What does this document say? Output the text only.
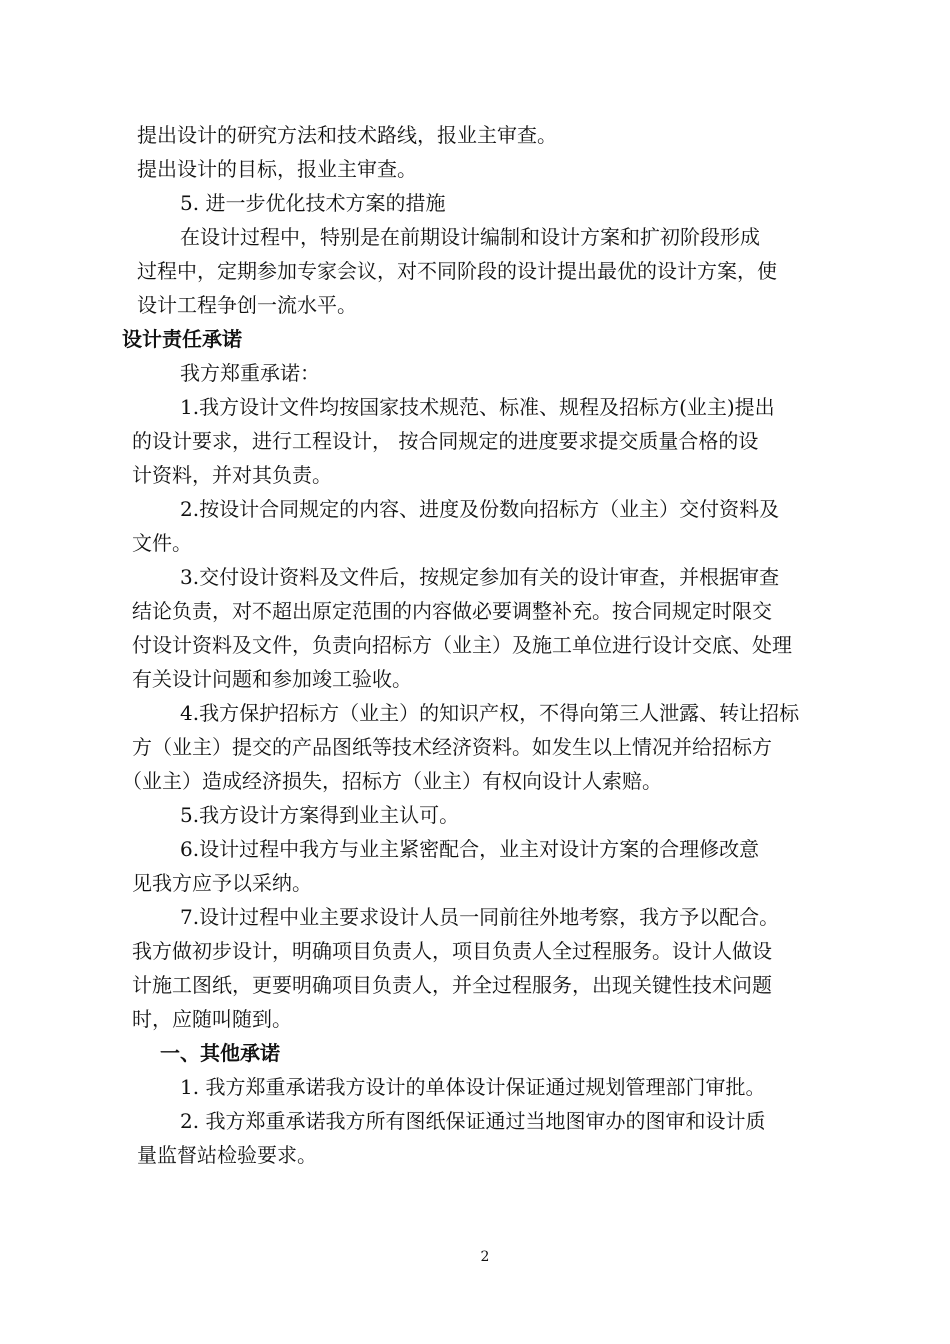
提出设计的研究方法和技术路线，报业主审查。
提出设计的目标，报业主审查。
5. 进一步优化技术方案的措施
在设计过程中，特别是在前期设计编制和设计方案和扩初阶段形成
过程中，定期参加专家会议，对不同阶段的设计提出最优的设计方案，使
设计工程争创一流水平。
设计责任承诺
我方郑重承诺：
1.我方设计文件均按国家技术规范、标准、规程及招标方(业主)提出
的设计要求，进行工程设计， 按合同规定的进度要求提交质量合格的设
计资料，并对其负责。
2.按设计合同规定的内容、进度及份数向招标方（业主）交付资料及
文件。
3.交付设计资料及文件后，按规定参加有关的设计审查，并根据审查
结论负责，对不超出原定范围的内容做必要调整补充。按合同规定时限交
付设计资料及文件，负责向招标方（业主）及施工单位进行设计交底、处理
有关设计问题和参加竣工验收。
4.我方保护招标方（业主）的知识产权，不得向第三人泄露、转让招标
方（业主）提交的产品图纸等技术经济资料。如发生以上情况并给招标方
（业主）造成经济损失，招标方（业主）有权向设计人索赔。
5.我方设计方案得到业主认可。
6.设计过程中我方与业主紧密配合，业主对设计方案的合理修改意
见我方应予以采纳。
7.设计过程中业主要求设计人员一同前往外地考察，我方予以配合。
我方做初步设计，明确项目负责人，项目负责人全过程服务。设计人做设
计施工图纸，更要明确项目负责人，并全过程服务，出现关键性技术问题
时，应随叫随到。
一、其他承诺
1. 我方郑重承诺我方设计的单体设计保证通过规划管理部门审批。
2. 我方郑重承诺我方所有图纸保证通过当地图审办的图审和设计质
量监督站检验要求。
2
